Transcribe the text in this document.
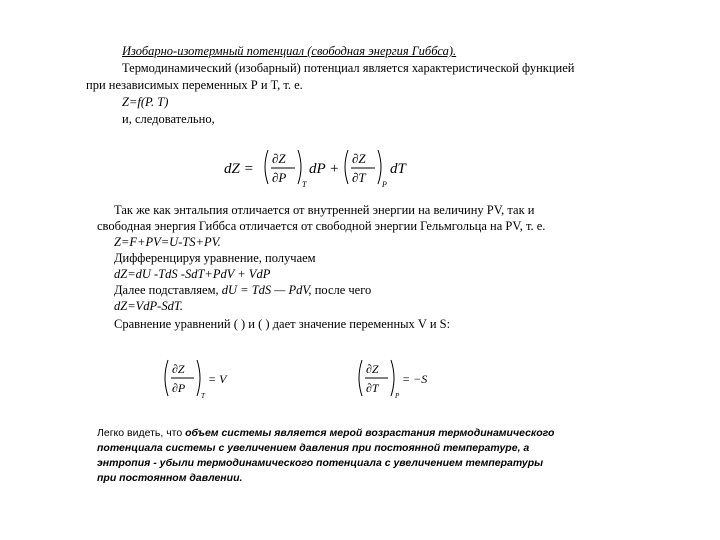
Изобарно-изотермный потенциал (свободная энергия Гиббса).
Термодинамический (изобарный) потенциал является характеристической функцией
при независимых переменных Р и Т, т. е.
Z=f(P. T)
и, следовательно,
dZ =
∂Z
∂P T
dP +
∂Z
∂T P
dT
Так же как энтальпия отличается от внутренней энергии на величину PV, так и
свободная энергия Гиббса отличается от свободной энергии Гельмгольца на PV, т. е.
Z=F+PV=U-TS+PV.
Дифференцируя уравнение, получаем
dZ=dU -TdS -SdT+PdV + VdP
Далее подставляем, dU = TdS — PdV, после чего
dZ=VdP-SdT.
Сравнение уравнений ( ) и ( ) дает значение переменных V и S:
∂Z
∂P
T
= V
∂Z
∂T
P
= −S
Легко видеть, что объем системы является мерой возрастания термодинамического
потенциала системы с увеличением давления при постоянной температуре, а
энтропия - убыли термодинамического потенциала с увеличением температуры
при постоянном давлении.
